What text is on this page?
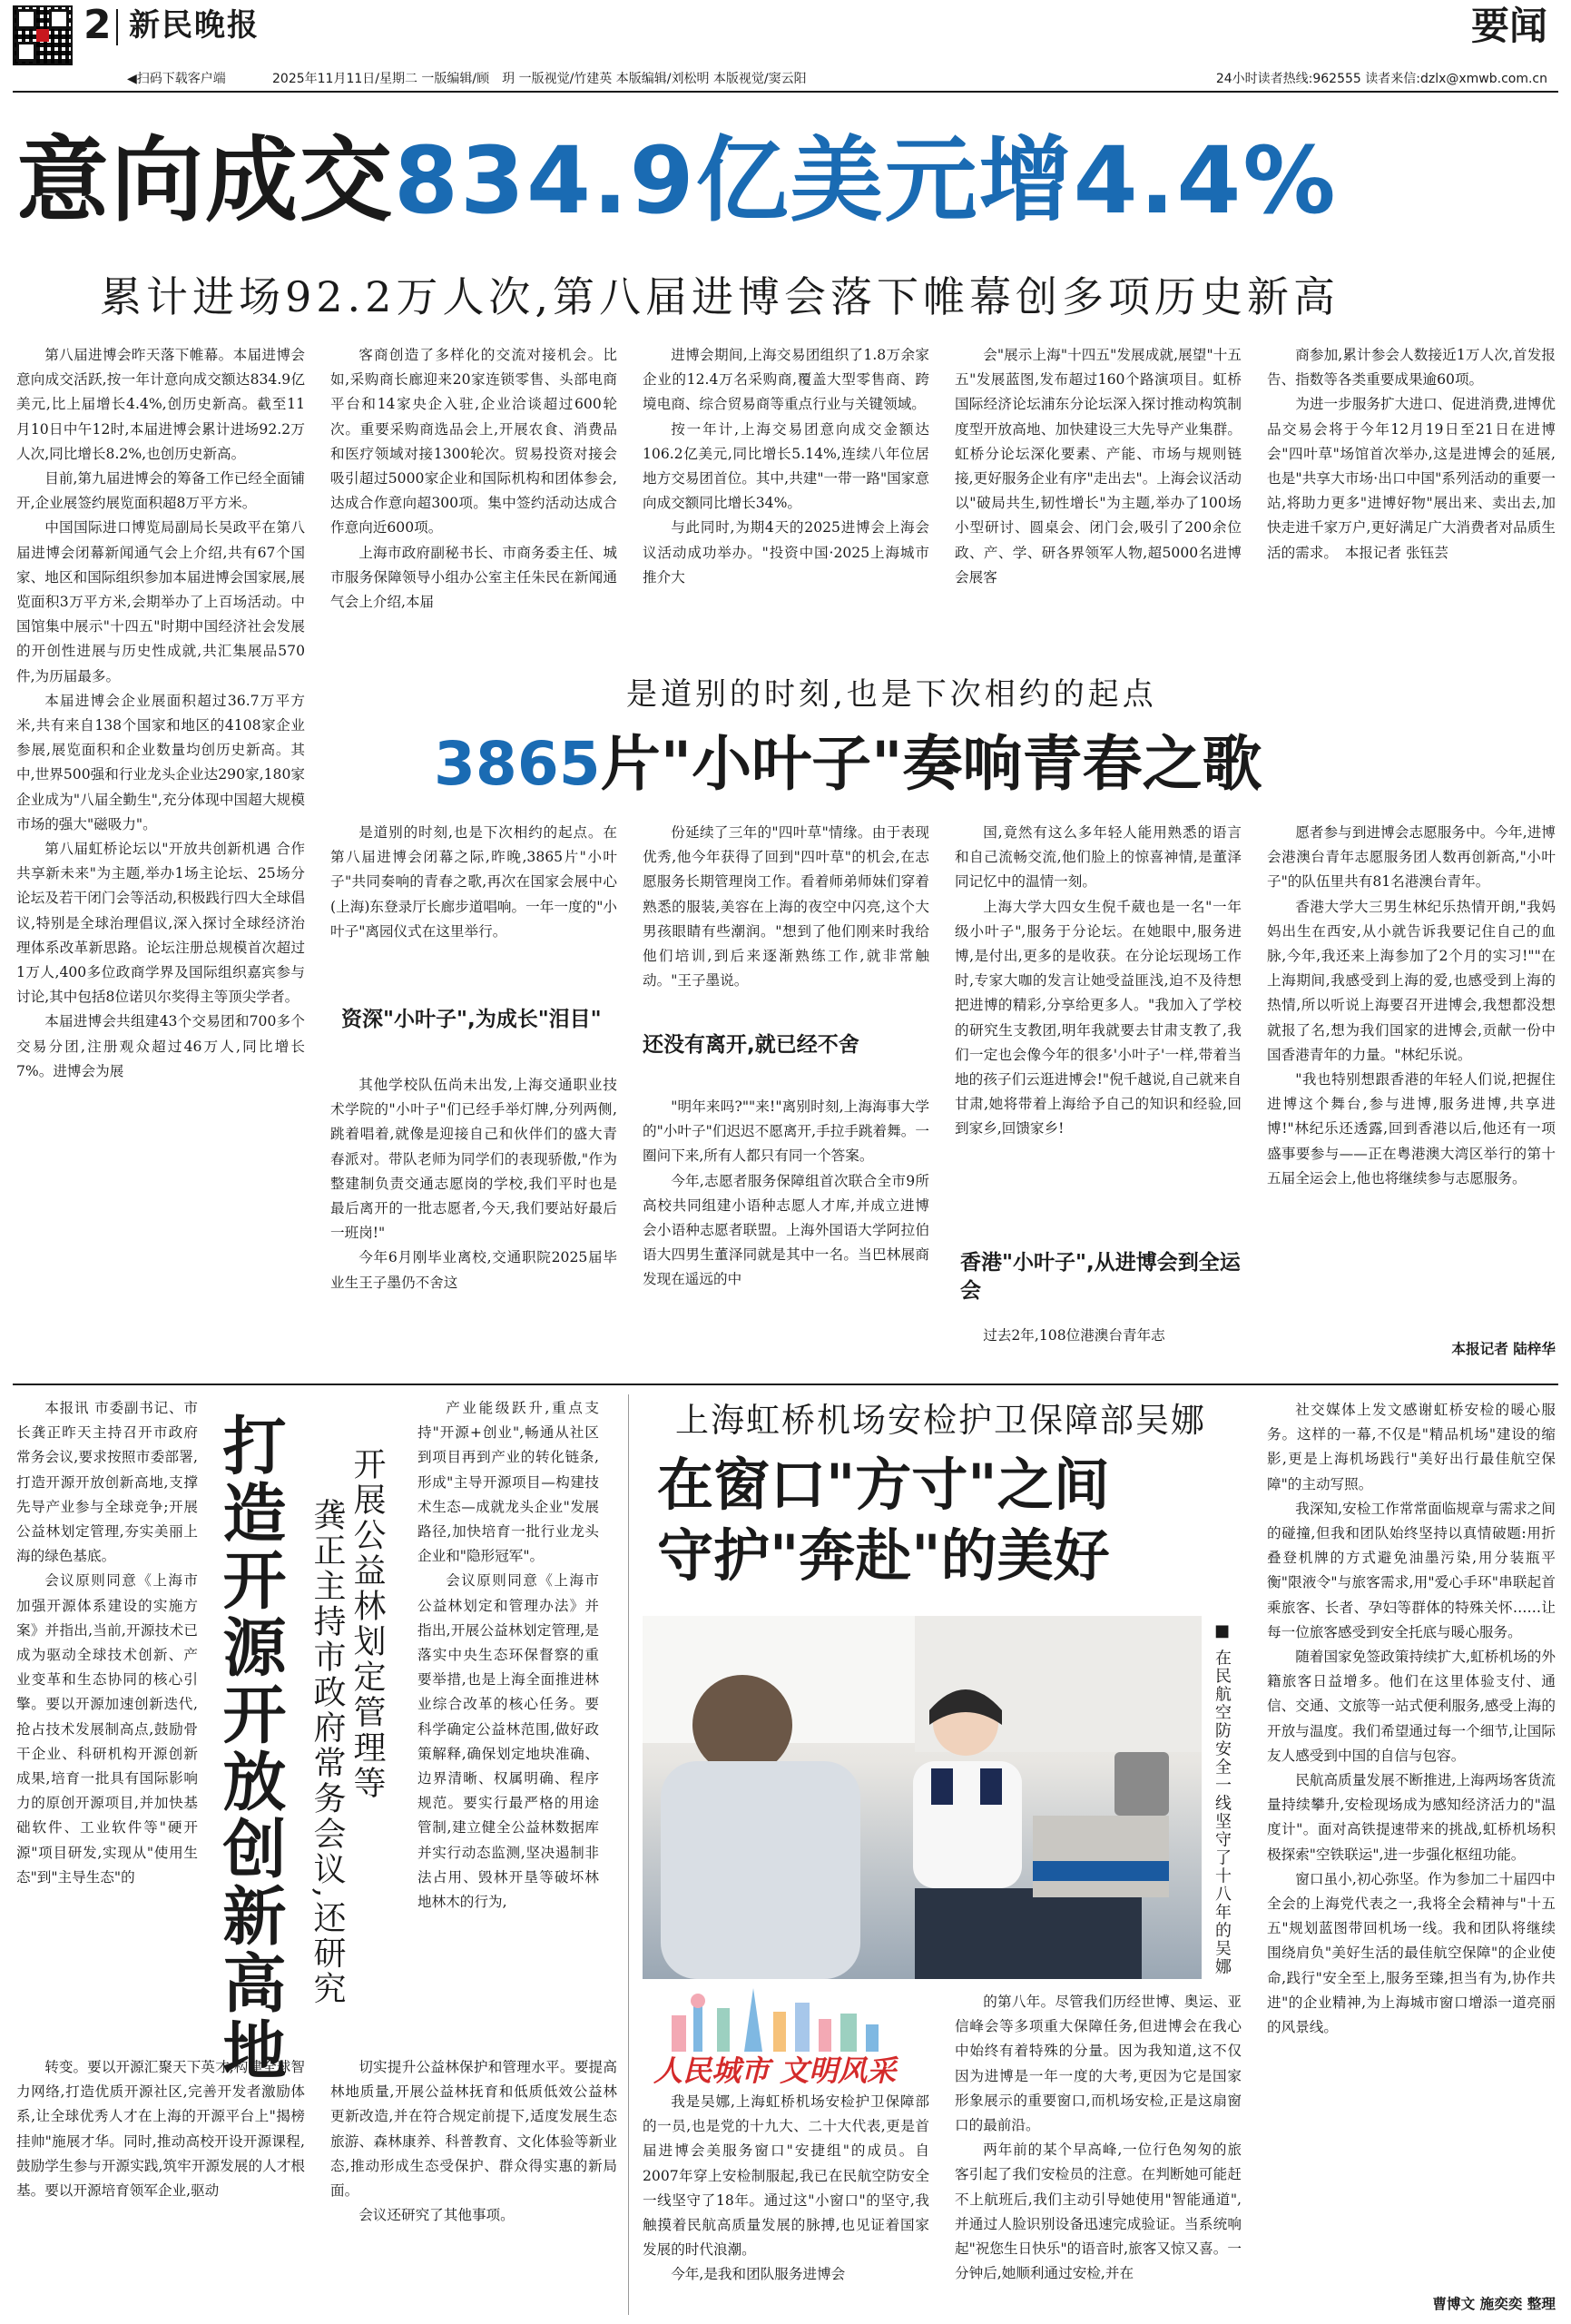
2 新民晚报	要闻
◀扫码下载客户端	2025年11月11日/星期二 一版编辑/顾　玥 一版视觉/竹建英 本版编辑/刘松明 本版视觉/窦云阳	24小时读者热线:962555 读者来信:dzlx@xmwb.com.cn
意向成交834.9亿美元增4.4%
累计进场92.2万人次,第八届进博会落下帷幕创多项历史新高

第八届进博会昨天落下帷幕。本届进博会意向成交活跃,按一年计意向成交额达834.9亿美元,比上届增长4.4%,创历史新高。截至11月10日中午12时,本届进博会累计进场92.2万人次,同比增长8.2%,也创历史新高。

目前,第九届进博会的筹备工作已经全面铺开,企业展签约展览面积超8万平方米。

中国国际进口博览局副局长吴政平在第八届进博会闭幕新闻通气会上介绍,共有67个国家、地区和国际组织参加本届进博会国家展,展览面积3万平方米,会期举办了上百场活动。中国馆集中展示"十四五"时期中国经济社会发展的开创性进展与历史性成就,共汇集展品570件,为历届最多。

本届进博会企业展面积超过36.7万平方米,共有来自138个国家和地区的4108家企业参展,展览面积和企业数量均创历史新高。其中,世界500强和行业龙头企业达290家,180家企业成为"八届全勤生",充分体现中国超大规模市场的强大"磁吸力"。

第八届虹桥论坛以"开放共创新机遇 合作共享新未来"为主题,举办1场主论坛、25场分论坛及若干闭门会等活动,积极践行四大全球倡议,特别是全球治理倡议,深入探讨全球经济治理体系改革新思路。论坛注册总规模首次超过1万人,400多位政商学界及国际组织嘉宾参与讨论,其中包括8位诺贝尔奖得主等顶尖学者。

本届进博会共组建43个交易团和700多个交易分团,注册观众超过46万人,同比增长7%。进博会为展

客商创造了多样化的交流对接机会。比如,采购商长廊迎来20家连锁零售、头部电商平台和14家央企入驻,企业洽谈超过600轮次。重要采购商选品会上,开展农食、消费品和医疗领域对接1300轮次。贸易投资对接会吸引超过5000家企业和国际机构和团体参会,达成合作意向超300项。集中签约活动达成合作意向近600项。

上海市政府副秘书长、市商务委主任、城市服务保障领导小组办公室主任朱民在新闻通气会上介绍,本届

进博会期间,上海交易团组织了1.8万余家企业的12.4万名采购商,覆盖大型零售商、跨境电商、综合贸易商等重点行业与关键领域。

按一年计,上海交易团意向成交金额达106.2亿美元,同比增长5.14%,连续八年位居地方交易团首位。其中,共建"一带一路"国家意向成交额同比增长34%。

与此同时,为期4天的2025进博会上海会议活动成功举办。"投资中国·2025上海城市推介大

会"展示上海"十四五"发展成就,展望"十五五"发展蓝图,发布超过160个路演项目。虹桥国际经济论坛浦东分论坛深入探讨推动构筑制度型开放高地、加快建设三大先导产业集群。虹桥分论坛深化要素、产能、市场与规则链接,更好服务企业有序"走出去"。上海会议活动以"破局共生,韧性增长"为主题,举办了100场小型研讨、圆桌会、闭门会,吸引了200余位政、产、学、研各界领军人物,超5000名进博会展客

商参加,累计参会人数接近1万人次,首发报告、指数等各类重要成果逾60项。

为进一步服务扩大进口、促进消费,进博优品交易会将于今年12月19日至21日在进博会"四叶草"场馆首次举办,这是进博会的延展,也是"共享大市场·出口中国"系列活动的重要一站,将助力更多"进博好物"展出来、卖出去,加快走进千家万户,更好满足广大消费者对品质生活的需求。　本报记者 张钰芸

是道别的时刻,也是下次相约的起点
3865片"小叶子"奏响青春之歌

是道别的时刻,也是下次相约的起点。在第八届进博会闭幕之际,昨晚,3865片"小叶子"共同奏响的青春之歌,再次在国家会展中心(上海)东登录厅长廊步道唱响。一年一度的"小叶子"离园仪式在这里举行。

资深"小叶子",为成长"泪目"

其他学校队伍尚未出发,上海交通职业技术学院的"小叶子"们已经手举灯牌,分列两侧,跳着唱着,就像是迎接自己和伙伴们的盛大青春派对。带队老师为同学们的表现骄傲,"作为整建制负责交通志愿岗的学校,我们平时也是最后离开的一批志愿者,今天,我们要站好最后一班岗!"

今年6月刚毕业离校,交通职院2025届毕业生王子墨仍不舍这

份延续了三年的"四叶草"情缘。由于表现优秀,他今年获得了回到"四叶草"的机会,在志愿服务长期管理岗工作。看着师弟师妹们穿着熟悉的服装,美容在上海的夜空中闪亮,这个大男孩眼睛有些潮润。"想到了他们刚来时我给他们培训,到后来逐渐熟练工作,就非常触动。"王子墨说。

还没有离开,就已经不舍

"明年来吗?""来!"离别时刻,上海海事大学的"小叶子"们迟迟不愿离开,手拉手跳着舞。一圈问下来,所有人都只有同一个答案。

今年,志愿者服务保障组首次联合全市9所高校共同组建小语种志愿人才库,并成立进博会小语种志愿者联盟。上海外国语大学阿拉伯语大四男生董泽同就是其中一名。当巴林展商发现在遥远的中

国,竟然有这么多年轻人能用熟悉的语言和自己流畅交流,他们脸上的惊喜神情,是董泽同记忆中的温情一刻。

上海大学大四女生倪千葳也是一名"一年级小叶子",服务于分论坛。在她眼中,服务进博,是付出,更多的是收获。在分论坛现场工作时,专家大咖的发言让她受益匪浅,迫不及待想把进博的精彩,分享给更多人。"我加入了学校的研究生支教团,明年我就要去甘肃支教了,我们一定也会像今年的很多'小叶子'一样,带着当地的孩子们云逛进博会!"倪千越说,自己就来自甘肃,她将带着上海给予自己的知识和经验,回到家乡,回馈家乡!

香港"小叶子",从进博会到全运会

过去2年,108位港澳台青年志

愿者参与到进博会志愿服务中。今年,进博会港澳台青年志愿服务团人数再创新高,"小叶子"的队伍里共有81名港澳台青年。

香港大学大三男生林纪乐热情开朗,"我妈妈出生在西安,从小就告诉我要记住自己的血脉,今年,我还来上海参加了2个月的实习!""在上海期间,我感受到上海的爱,也感受到上海的热情,所以听说上海要召开进博会,我想都没想就报了名,想为我们国家的进博会,贡献一份中国香港青年的力量。"林纪乐说。

"我也特别想跟香港的年轻人们说,把握住进博这个舞台,参与进博,服务进博,共享进博!"林纪乐还透露,回到香港以后,他还有一项盛事要参与——正在粤港澳大湾区举行的第十五届全运会上,他也将继续参与志愿服务。

本报记者 陆梓华
打造开源开放创新高地 开展公益林划定管理等
龚正主持市政府常务会议,还研究

本报讯 市委副书记、市长龚正昨天主持召开市政府常务会议,要求按照市委部署,打造开源开放创新高地,支撑先导产业参与全球竞争;开展公益林划定管理,夯实美丽上海的绿色基底。

会议原则同意《上海市加强开源体系建设的实施方案》并指出,当前,开源技术已成为驱动全球技术创新、产业变革和生态协同的核心引擎。要以开源加速创新迭代,抢占技术发展制高点,鼓励骨干企业、科研机构开源创新成果,培育一批具有国际影响力的原创开源项目,并加快基础软件、工业软件等"硬开源"项目研发,实现从"使用生态"到"主导生态"的

产业能级跃升,重点支持"开源+创业",畅通从社区到项目再到产业的转化链条,形成"主导开源项目—构建技术生态—成就龙头企业"发展路径,加快培育一批行业龙头企业和"隐形冠军"。

会议原则同意《上海市公益林划定和管理办法》并指出,开展公益林划定管理,是落实中央生态环保督察的重要举措,也是上海全面推进林业综合改革的核心任务。要科学确定公益林范围,做好政策解释,确保划定地块准确、边界清晰、权属明确、程序规范。要实行最严格的用途管制,建立健全公益林数据库并实行动态监测,坚决遏制非法占用、毁林开垦等破坏林地林木的行为,

转变。要以开源汇聚天下英才,构建全球智力网络,打造优质开源社区,完善开发者激励体系,让全球优秀人才在上海的开源平台上"揭榜挂帅"施展才华。同时,推动高校开设开源课程,鼓励学生参与开源实践,筑牢开源发展的人才根基。要以开源培育领军企业,驱动

切实提升公益林保护和管理水平。要提高林地质量,开展公益林抚育和低质低效公益林更新改造,并在符合规定前提下,适度发展生态旅游、森林康养、科普教育、文化体验等新业态,推动形成生态受保护、群众得实惠的新局面。

会议还研究了其他事项。

上海虹桥机场安检护卫保障部吴娜
在窗口"方寸"之间
守护"奔赴"的美好
■ 在民航空防安全一线坚守了十八年的吴娜
人民城市 文明风采

我是吴娜,上海虹桥机场安检护卫保障部的一员,也是党的十九大、二十大代表,更是首届进博会美服务窗口"安捷组"的成员。自2007年穿上安检制服起,我已在民航空防安全一线坚守了18年。通过这"小窗口"的坚守,我触摸着民航高质量发展的脉搏,也见证着国家发展的时代浪潮。

今年,是我和团队服务进博会

的第八年。尽管我们历经世博、奥运、亚信峰会等多项重大保障任务,但进博会在我心中始终有着特殊的分量。因为我知道,这不仅因为进博是一年一度的大考,更因为它是国家形象展示的重要窗口,而机场安检,正是这扇窗口的最前沿。

两年前的某个早高峰,一位行色匆匆的旅客引起了我们安检员的注意。在判断她可能赶不上航班后,我们主动引导她使用"智能通道",并通过人脸识别设备迅速完成验证。当系统响起"祝您生日快乐"的语音时,旅客又惊又喜。一分钟后,她顺利通过安检,并在

社交媒体上发文感谢虹桥安检的暖心服务。这样的一幕,不仅是"精品机场"建设的缩影,更是上海机场践行"美好出行最佳航空保障"的主动写照。

我深知,安检工作常常面临规章与需求之间的碰撞,但我和团队始终坚持以真情破题:用折叠登机牌的方式避免油墨污染,用分装瓶平衡"限液令"与旅客需求,用"爱心手环"串联起首乘旅客、长者、孕妇等群体的特殊关怀……让每一位旅客感受到安全托底与暖心服务。

随着国家免签政策持续扩大,虹桥机场的外籍旅客日益增多。他们在这里体验支付、通信、交通、文旅等一站式便利服务,感受上海的开放与温度。我们希望通过每一个细节,让国际友人感受到中国的自信与包容。

民航高质量发展不断推进,上海两场客货流量持续攀升,安检现场成为感知经济活力的"温度计"。面对高铁提速带来的挑战,虹桥机场积极探索"空铁联运",进一步强化枢纽功能。

窗口虽小,初心弥坚。作为参加二十届四中全会的上海党代表之一,我将全会精神与"十五五"规划蓝图带回机场一线。我和团队将继续围绕肩负"美好生活的最佳航空保障"的企业使命,践行"安全至上,服务至臻,担当有为,协作共进"的企业精神,为上海城市窗口增添一道亮丽的风景线。

曹博文 施奕奕 整理
